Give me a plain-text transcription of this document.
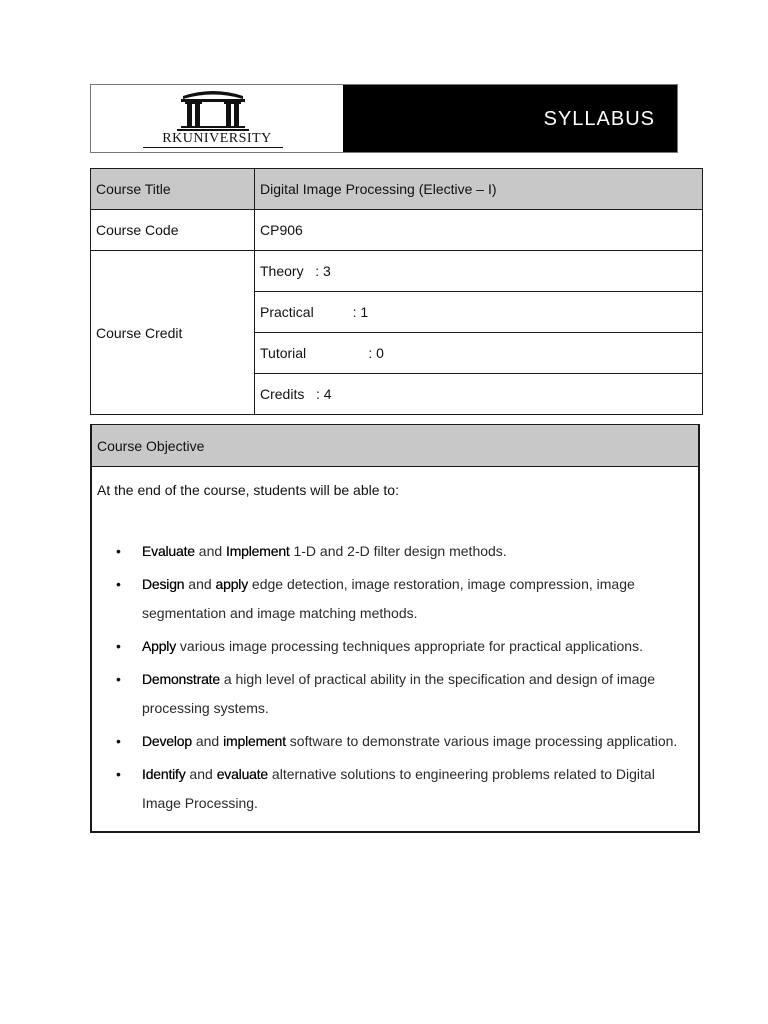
RKUNIVERSITY
SYLLABUS
Course Title	Digital Image Processing (Elective – I)
Course Code	CP906
Course Credit	Theory   : 3
	Practical          : 1
	Tutorial                : 0
	Credits   : 4
Course Objective
At the end of the course, students will be able to:
• Evaluate and Implement 1-D and 2-D filter design methods.
• Design and apply edge detection, image restoration, image compression, image segmentation and image matching methods.
• Apply various image processing techniques appropriate for practical applications.
• Demonstrate a high level of practical ability in the specification and design of image processing systems.
• Develop and implement software to demonstrate various image processing application.
• Identify and evaluate alternative solutions to engineering problems related to Digital Image Processing.
